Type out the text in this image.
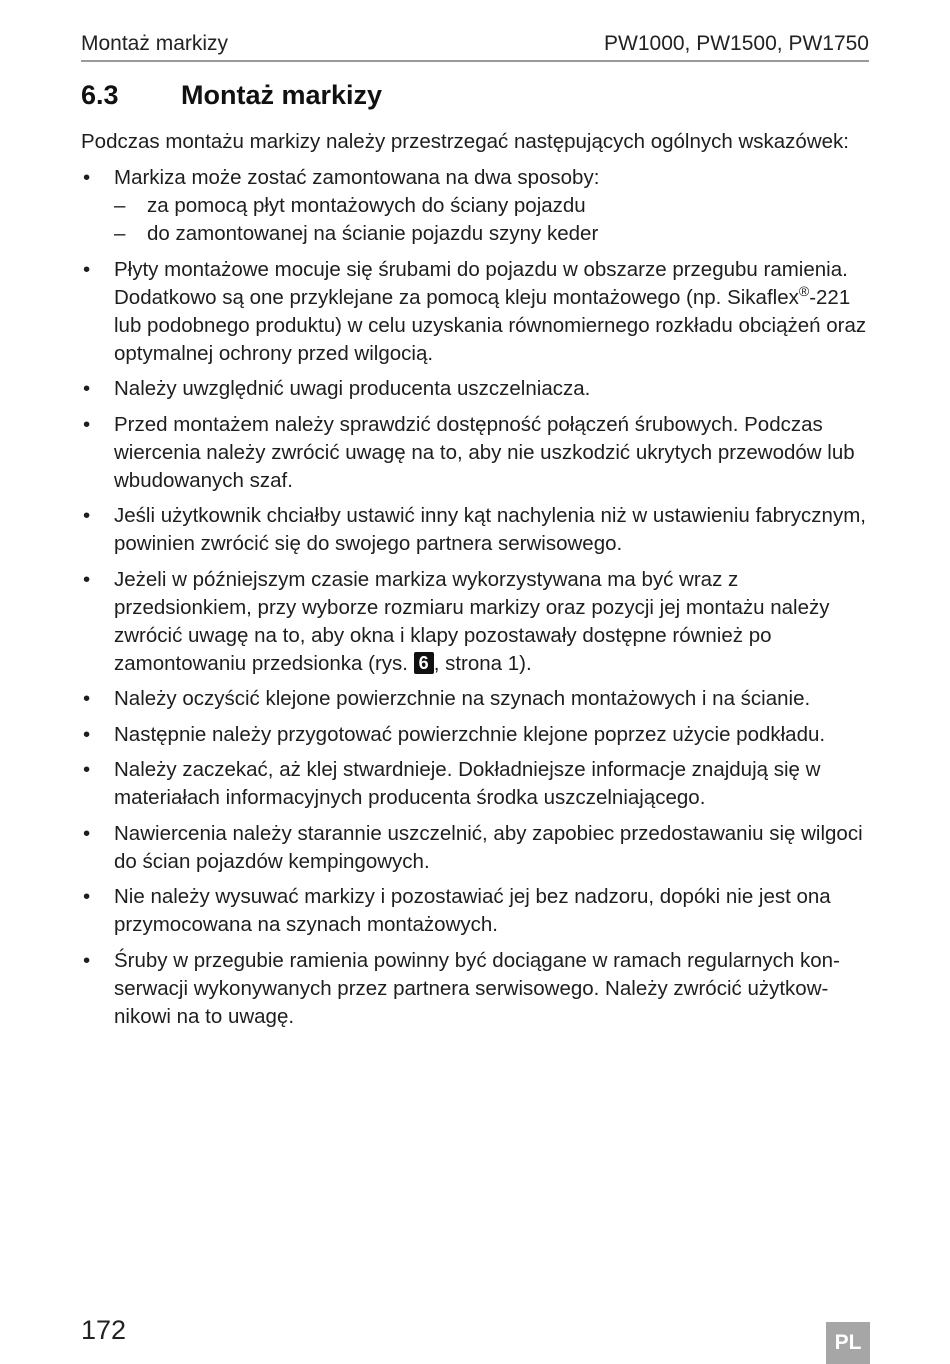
Montaż markizy	PW1000, PW1500, PW1750
6.3	Montaż markizy

Podczas montażu markizy należy przestrzegać następujących ogólnych wskazówek:

• Markiza może zostać zamontowana na dwa sposoby:
– za pomocą płyt montażowych do ściany pojazdu
– do zamontowanej na ścianie pojazdu szyny keder
• Płyty montażowe mocuje się śrubami do pojazdu w obszarze przegubu ramienia. Dodatkowo są one przyklejane za pomocą kleju montażowego (np. Sikaflex®-221 lub podobnego produktu) w celu uzyskania równomiernego rozkładu obciążeń oraz optymalnej ochrony przed wilgocią.
• Należy uwzględnić uwagi producenta uszczelniacza.
• Przed montażem należy sprawdzić dostępność połączeń śrubowych. Podczas wiercenia należy zwrócić uwagę na to, aby nie uszkodzić ukrytych przewodów lub wbudowanych szaf.
• Jeśli użytkownik chciałby ustawić inny kąt nachylenia niż w ustawieniu fabrycznym, powinien zwrócić się do swojego partnera serwisowego.
• Jeżeli w późniejszym czasie markiza wykorzystywana ma być wraz z przedsionkiem, przy wyborze rozmiaru markizy oraz pozycji jej montażu należy zwrócić uwagę na to, aby okna i klapy pozostawały dostępne również po zamontowaniu przedsionka (rys. 6 , strona 1).
• Należy oczyścić klejone powierzchnie na szynach montażowych i na ścianie.
• Następnie należy przygotować powierzchnie klejone poprzez użycie podkładu.
• Należy zaczekać, aż klej stwardnieje. Dokładniejsze informacje znajdują się w materiałach informacyjnych producenta środka uszczelniającego.
• Nawiercenia należy starannie uszczelnić, aby zapobiec przedostawaniu się wilgoci do ścian pojazdów kempingowych.
• Nie należy wysuwać markizy i pozostawiać jej bez nadzoru, dopóki nie jest ona przymocowana na szynach montażowych.
• Śruby w przegubie ramienia powinny być dociągane w ramach regularnych konserwacji wykonywanych przez partnera serwisowego. Należy zwrócić użytkownikowi na to uwagę.
172	PL
